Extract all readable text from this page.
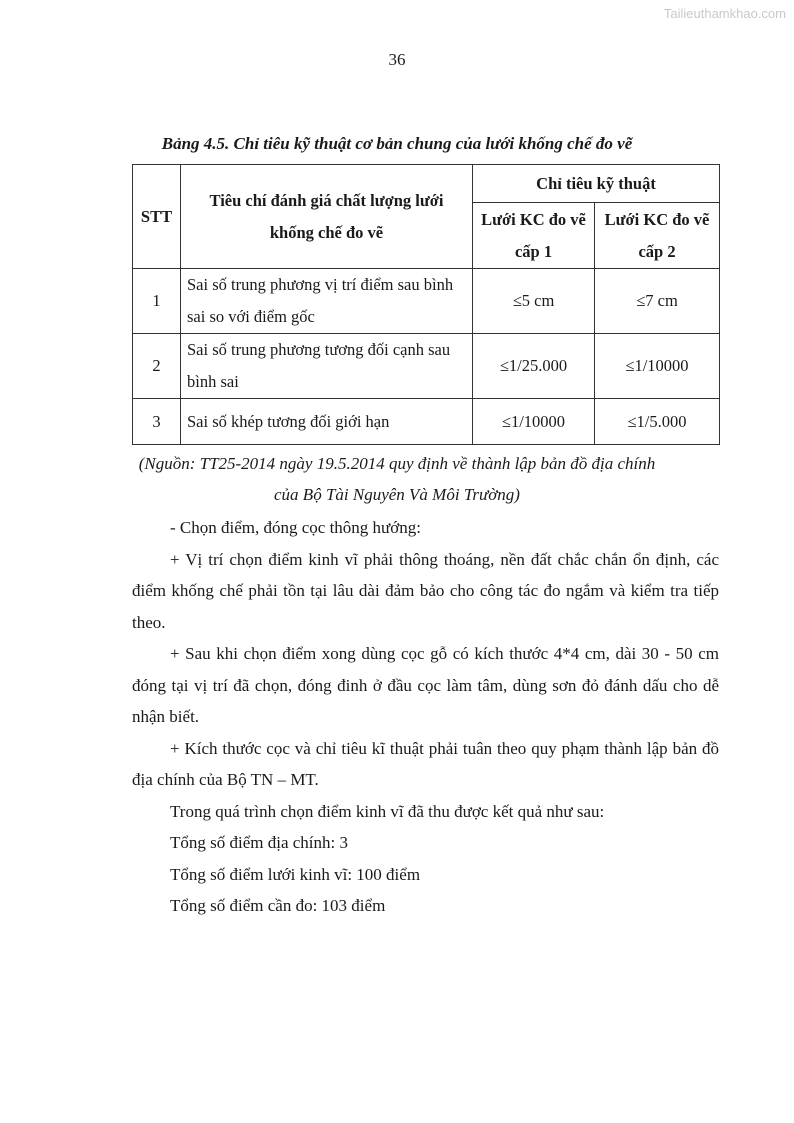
Tailieuthamkhao.com
36
Bảng 4.5. Chỉ tiêu kỹ thuật cơ bản chung của lưới khống chế đo vẽ
STT	Tiêu chí đánh giá chất lượng lưới khống chế đo vẽ	Chỉ tiêu kỹ thuật	
		Lưới KC đo vẽ cấp 1	Lưới KC đo vẽ cấp 2
1	Sai số trung phương vị trí điểm sau bình sai so với điểm gốc	≤5 cm	≤7 cm
2	Sai số trung phương tương đối cạnh sau bình sai	≤1/25.000	≤1/10000
3	Sai số khép tương đối giới hạn	≤1/10000	≤1/5.000
(Nguồn: TT25-2014 ngày 19.5.2014 quy định về thành lập bản đồ địa chính
của Bộ Tài Nguyên Và Môi Trường)

- Chọn điểm, đóng cọc thông hướng:

+ Vị trí chọn điểm kinh vĩ phải thông thoáng, nền đất chắc chắn ổn định, các điểm khống chế phải tồn tại lâu dài đảm bảo cho công tác đo ngắm và kiểm tra tiếp theo.

+ Sau khi chọn điểm xong dùng cọc gỗ có kích thước 4*4 cm, dài 30 - 50 cm đóng tại vị trí đã chọn, đóng đinh ở đầu cọc làm tâm, dùng sơn đỏ đánh dấu cho dễ nhận biết.

+ Kích thước cọc và chỉ tiêu kĩ thuật phải tuân theo quy phạm thành lập bản đồ địa chính của Bộ TN – MT.

Trong quá trình chọn điểm kinh vĩ đã thu được kết quả như sau:

Tổng số điểm địa chính: 3

Tổng số điểm lưới kinh vĩ: 100 điểm

Tổng số điểm cần đo: 103 điểm
